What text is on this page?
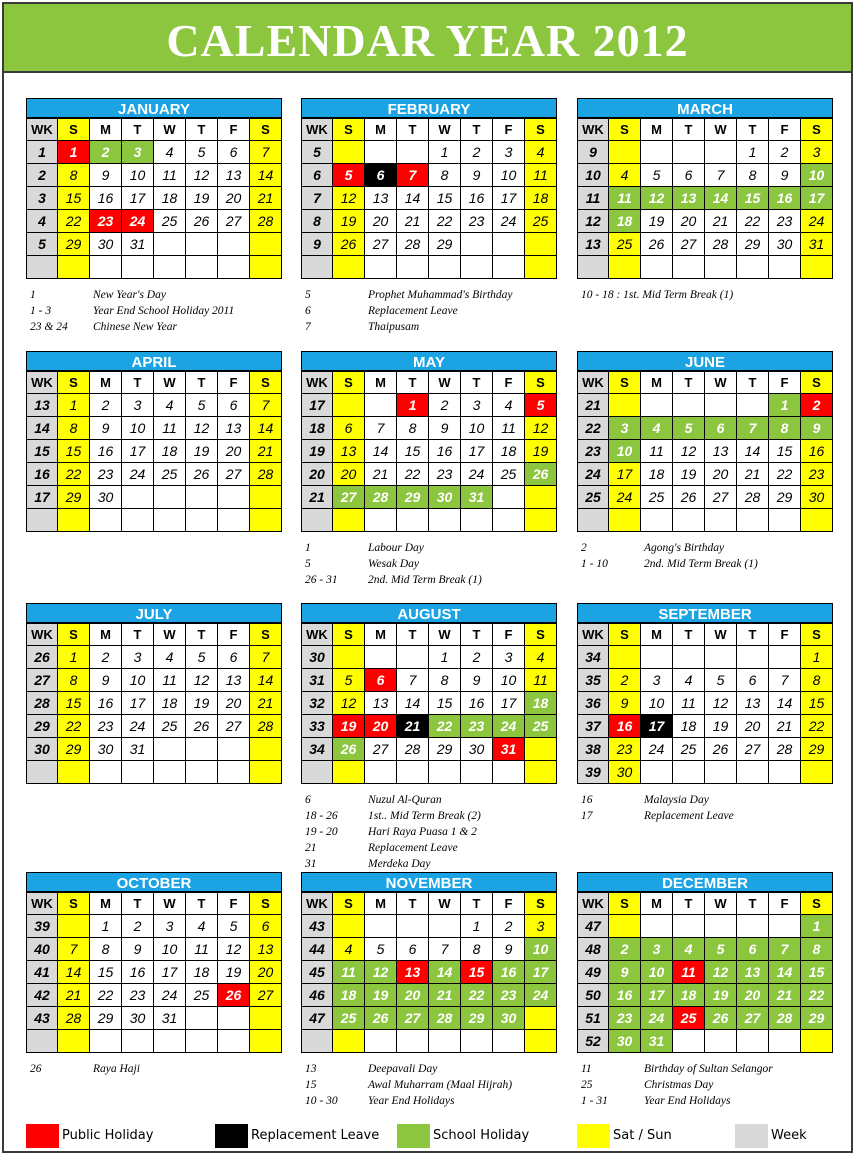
CALENDAR YEAR 2012
JANUARY
WK	S	M	T	W	T	F	S
1	1	2	3	4	5	6	7
2	8	9	10	11	12	13	14
3	15	16	17	18	19	20	21
4	22	23	24	25	26	27	28
5	29	30	31				

1	New Year's Day
1 - 3	Year End School Holiday 2011
23 & 24 Chinese New Year
FEBRUARY
WK	S	M	T	W	T	F	S
5				1	2	3	4
6	5	6	7	8	9	10	11
7	12	13	14	15	16	17	18
8	19	20	21	22	23	24	25
9	26	27	28	29			

5	Prophet Muhammad's Birthday
6	Replacement Leave
7	Thaipusam
MARCH
WK	S	M	T	W	T	F	S
9					1	2	3
10	4	5	6	7	8	9	10
11	11	12	13	14	15	16	17
12	18	19	20	21	22	23	24
13	25	26	27	28	29	30	31

10 - 18 : 1st. Mid Term Break (1)
APRIL
WK	S	M	T	W	T	F	S
13	1	2	3	4	5	6	7
14	8	9	10	11	12	13	14
15	15	16	17	18	19	20	21
16	22	23	24	25	26	27	28
17	29	30					

MAY
WK	S	M	T	W	T	F	S
17			1	2	3	4	5
18	6	7	8	9	10	11	12
19	13	14	15	16	17	18	19
20	20	21	22	23	24	25	26
21	27	28	29	30	31		

1	Labour Day
5	Wesak Day
26 - 31	2nd. Mid Term Break (1)
JUNE
WK	S	M	T	W	T	F	S
21						1	2
22	3	4	5	6	7	8	9
23	10	11	12	13	14	15	16
24	17	18	19	20	21	22	23
25	24	25	26	27	28	29	30

2	Agong's Birthday
1 - 10	2nd. Mid Term Break (1)
JULY
WK	S	M	T	W	T	F	S
26	1	2	3	4	5	6	7
27	8	9	10	11	12	13	14
28	15	16	17	18	19	20	21
29	22	23	24	25	26	27	28
30	29	30	31				

AUGUST
WK	S	M	T	W	T	F	S
30				1	2	3	4
31	5	6	7	8	9	10	11
32	12	13	14	15	16	17	18
33	19	20	21	22	23	24	25
34	26	27	28	29	30	31	

6	Nuzul Al-Quran
18 - 26	1st.. Mid Term Break (2)
19 - 20	Hari Raya Puasa 1 & 2
21	Replacement Leave
31	Merdeka Day
SEPTEMBER
WK	S	M	T	W	T	F	S
34							1
35	2	3	4	5	6	7	8
36	9	10	11	12	13	14	15
37	16	17	18	19	20	21	22
38	23	24	25	26	27	28	29
39	30						
16	Malaysia Day
17	Replacement Leave
OCTOBER
WK	S	M	T	W	T	F	S
39		1	2	3	4	5	6
40	7	8	9	10	11	12	13
41	14	15	16	17	18	19	20
42	21	22	23	24	25	26	27
43	28	29	30	31			

26	Raya Haji
NOVEMBER
WK	S	M	T	W	T	F	S
43					1	2	3
44	4	5	6	7	8	9	10
45	11	12	13	14	15	16	17
46	18	19	20	21	22	23	24
47	25	26	27	28	29	30	

13	Deepavali Day
15	Awal Muharram (Maal Hijrah)
10 - 30	Year End Holidays
DECEMBER
WK	S	M	T	W	T	F	S
47							1
48	2	3	4	5	6	7	8
49	9	10	11	12	13	14	15
50	16	17	18	19	20	21	22
51	23	24	25	26	27	28	29
52	30	31					
11	Birthday of Sultan Selangor
25	Christmas Day
1 - 31	Year End Holidays
Public Holiday	Replacement Leave	School Holiday	Sat / Sun	Week
